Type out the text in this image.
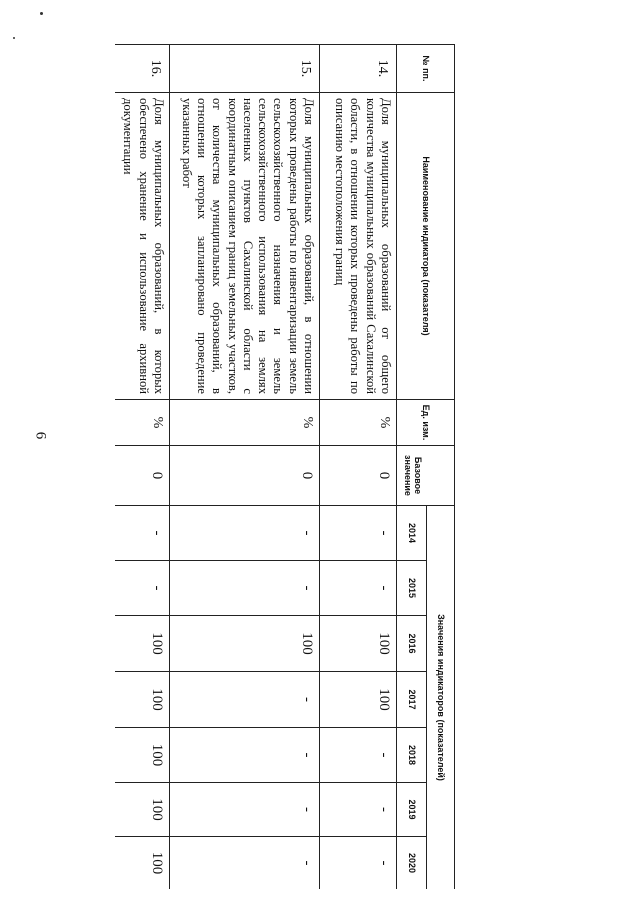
6
№ пп.	Наименование индикатора (показателя)	Ед. изм.		Значения индикаторов (показателей)						
			Базовое значение	2014	2015	2016	2017	2018	2019	2020
14.	Доля муниципальных образований от общего количества муниципальных образований Сахалинской области, в отношении которых проведены работы по описанию местоположения границ	%	0	-	-	100	100	-	-	-
15.	Доля муниципальных образований, в отношении которых проведены работы по инвентаризации земель сельскохозяйственного назначения и земель сельскохозяйственного использования на землях населенных пунктов Сахалинской области с координатным описанием границ земельных участков, от количества муниципальных образований, в отношении которых запланировано проведение указанных работ	%	0	-	-	100	-	-	-	-
16.	Доля муниципальных образований, в которых обеспечено хранение и использование архивной документации	%	0	-	-	100	100	100	100	100
